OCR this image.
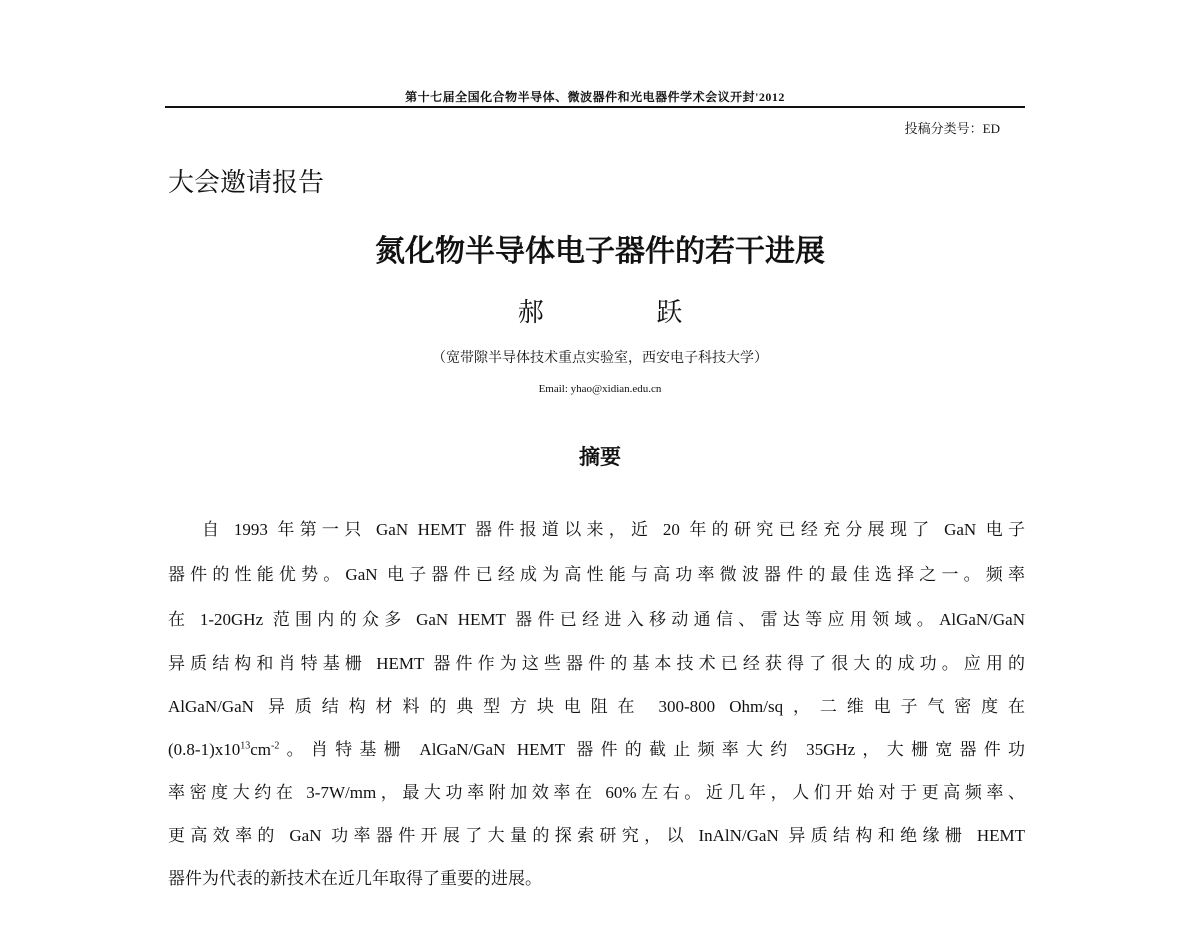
第十七届全国化合物半导体、微波器件和光电器件学术会议开封'2012
投稿分类号：ED
大会邀请报告
氮化物半导体电子器件的若干进展
郝 跃
（宽带隙半导体技术重点实验室，西安电子科技大学）
Email: yhao@xidian.edu.cn
摘要
自 1993 年第一只 GaN HEMT 器件报道以来，近 20 年的研究已经充分展现了 GaN 电子
器件的性能优势。GaN 电子器件已经成为高性能与高功率微波器件的最佳选择之一。频率
在 1-20GHz 范围内的众多 GaN HEMT 器件已经进入移动通信、雷达等应用领域。AlGaN/GaN
异质结构和肖特基栅 HEMT 器件作为这些器件的基本技术已经获得了很大的成功。应用的
AlGaN/GaN 异质结构材料的典型方块电阻在 300-800 Ohm/sq，二维电子气密度在
$(0.8-1)x10^{13}cm^{-2}$。肖特基栅 AlGaN/GaN HEMT 器件的截止频率大约 35GHz，大栅宽器件功
率密度大约在 3-7W/mm，最大功率附加效率在 60%左右。近几年，人们开始对于更高频率、
更高效率的 GaN 功率器件开展了大量的探索研究，以 InAlN/GaN 异质结构和绝缘栅 HEMT
器件为代表的新技术在近几年取得了重要的进展。
